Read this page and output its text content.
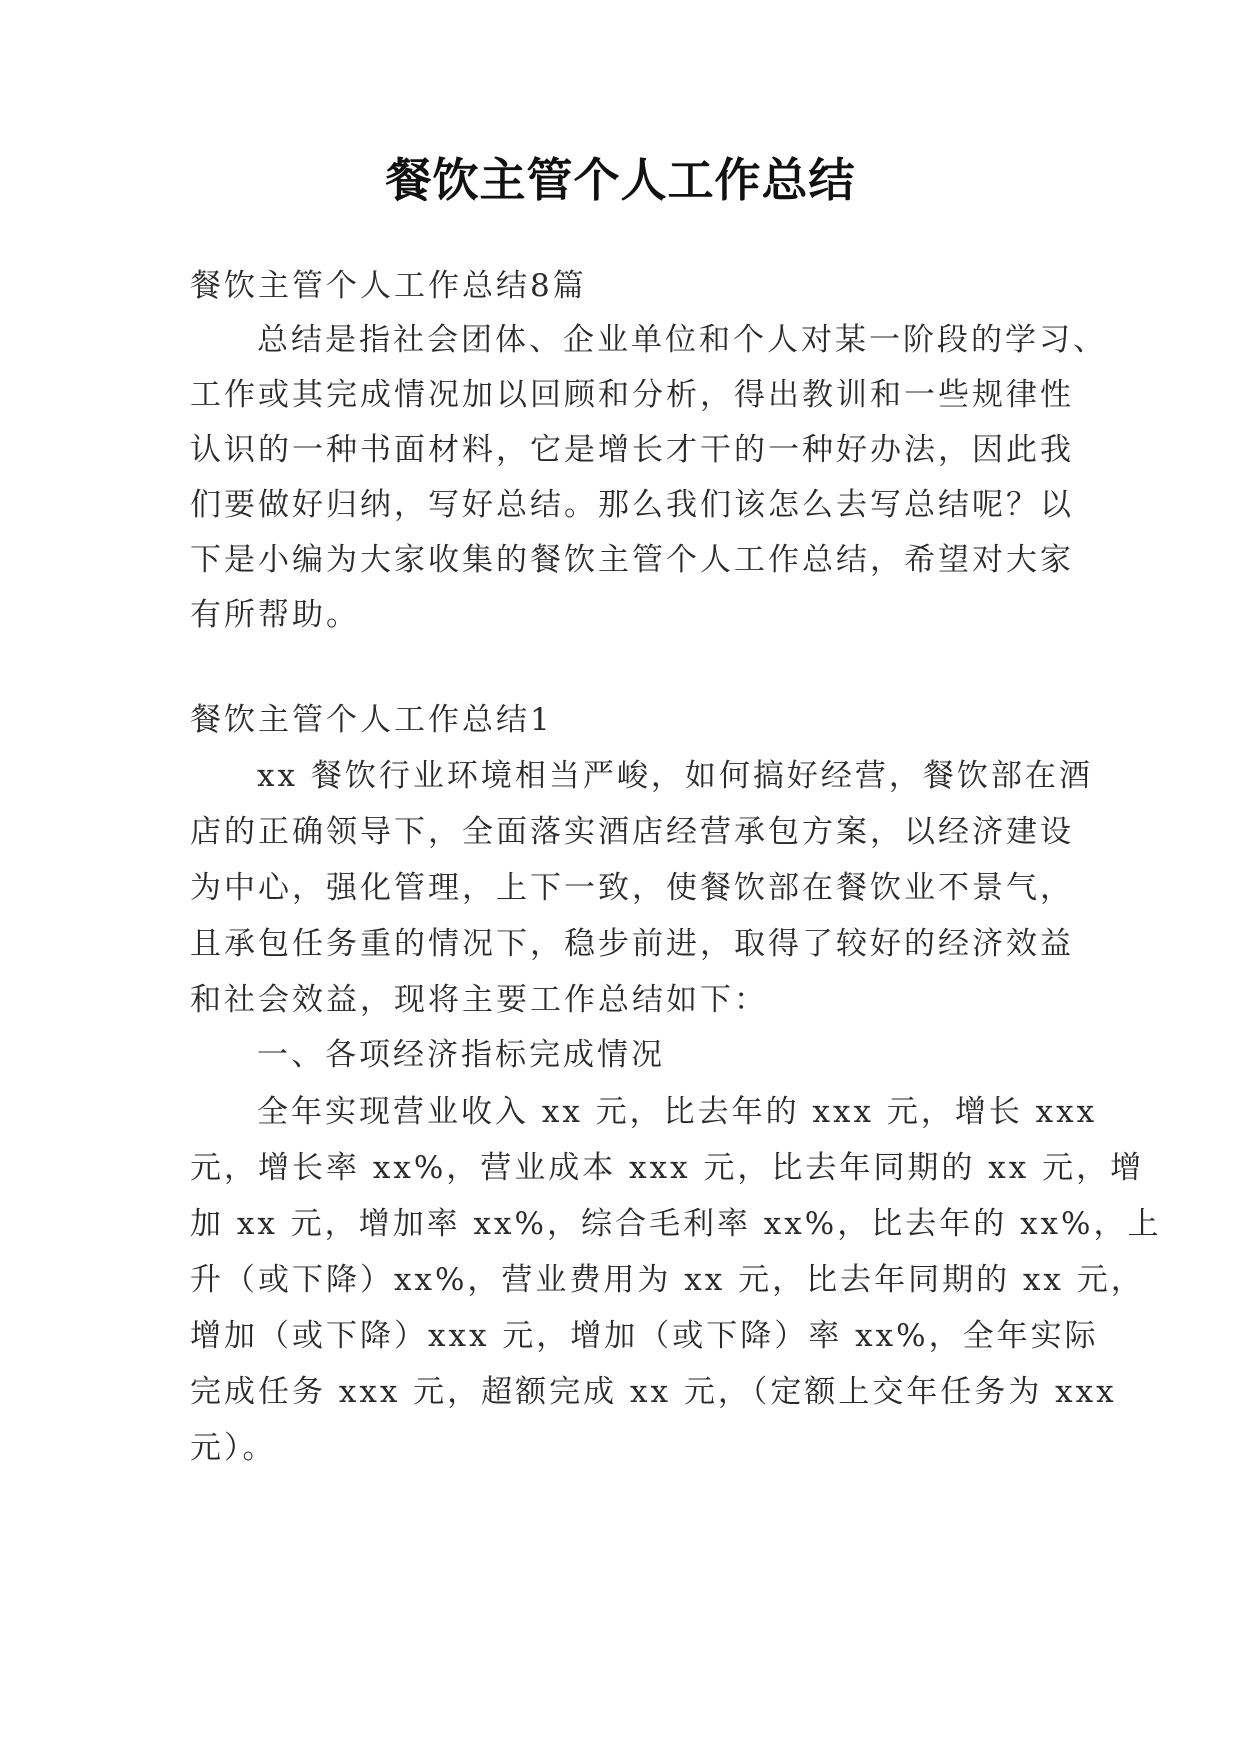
餐饮主管个人工作总结
餐饮主管个人工作总结8篇
总结是指社会团体、企业单位和个人对某一阶段的学习、
工作或其完成情况加以回顾和分析，得出教训和一些规律性
认识的一种书面材料，它是增长才干的一种好办法，因此我
们要做好归纳，写好总结。那么我们该怎么去写总结呢？以
下是小编为大家收集的餐饮主管个人工作总结，希望对大家
有所帮助。
餐饮主管个人工作总结1
xx 餐饮行业环境相当严峻，如何搞好经营，餐饮部在酒
店的正确领导下，全面落实酒店经营承包方案，以经济建设
为中心，强化管理，上下一致，使餐饮部在餐饮业不景气，
且承包任务重的情况下，稳步前进，取得了较好的经济效益
和社会效益，现将主要工作总结如下：
一、各项经济指标完成情况
全年实现营业收入 xx 元，比去年的 xxx 元，增长 xxx
元，增长率 xx%，营业成本 xxx 元，比去年同期的 xx 元，增
加 xx 元，增加率 xx%，综合毛利率 xx%，比去年的 xx%，上
升（或下降）xx%，营业费用为 xx 元，比去年同期的 xx 元，
增加（或下降）xxx 元，增加（或下降）率 xx%，全年实际
完成任务 xxx 元，超额完成 xx 元，（定额上交年任务为 xxx
元）。
